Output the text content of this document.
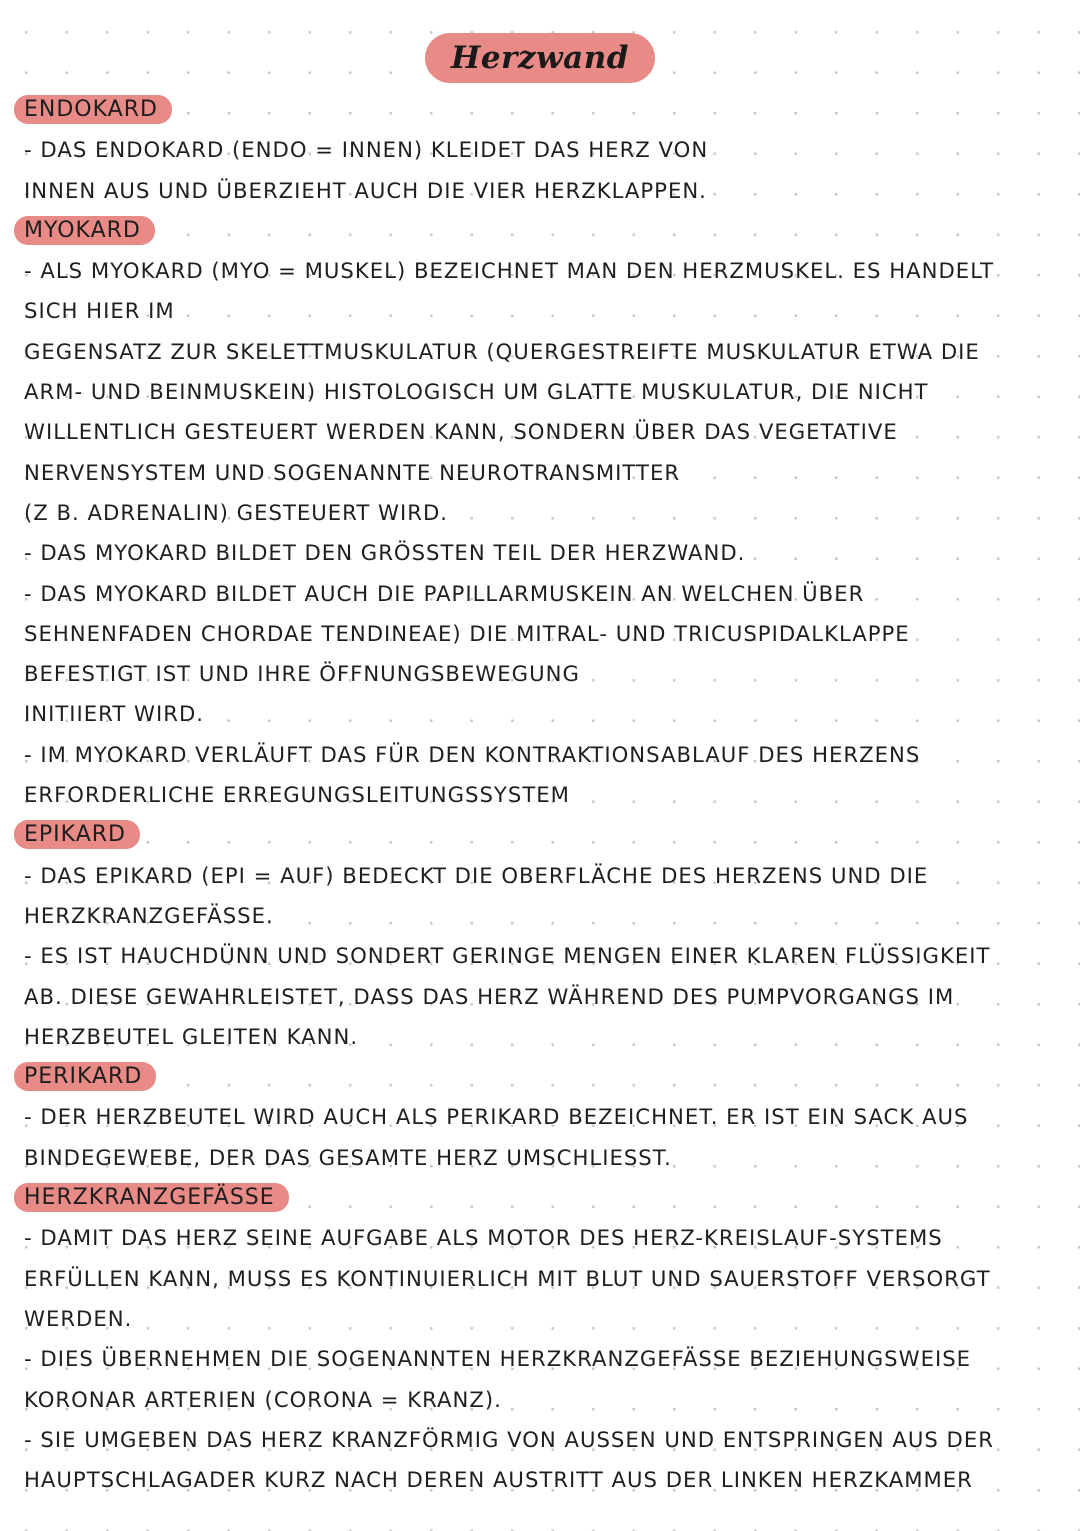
Herzwand
ENDOKARD
- DAS ENDOKARD (ENDO = INNEN) KLEIDET DAS HERZ VON
INNEN AUS UND ÜBERZIEHT AUCH DIE VIER HERZKLAPPEN.
MYOKARD
- ALS MYOKARD (MYO = MUSKEL) BEZEICHNET MAN DEN HERZMUSKEL. ES HANDELT
SICH HIER IM
GEGENSATZ ZUR SKELETTMUSKULATUR (QUERGESTREIFTE MUSKULATUR ETWA DIE
ARM- UND BEINMUSKEIN) HISTOLOGISCH UM GLATTE MUSKULATUR, DIE NICHT
WILLENTLICH GESTEUERT WERDEN KANN, SONDERN ÜBER DAS VEGETATIVE
NERVENSYSTEM UND SOGENANNTE NEUROTRANSMITTER
(Z B. ADRENALIN) GESTEUERT WIRD.
- DAS MYOKARD BILDET DEN GRÖSSTEN TEIL DER HERZWAND.
- DAS MYOKARD BILDET AUCH DIE PAPILLARMUSKEIN AN WELCHEN ÜBER
SEHNENFADEN CHORDAE TENDINEAE) DIE MITRAL- UND TRICUSPIDALKLAPPE
BEFESTIGT IST UND IHRE ÖFFNUNGSBEWEGUNG
INITIIERT WIRD.
- IM MYOKARD VERLÄUFT DAS FÜR DEN KONTRAKTIONSABLAUF DES HERZENS
ERFORDERLICHE ERREGUNGSLEITUNGSSYSTEM
EPIKARD
- DAS EPIKARD (EPI = AUF) BEDECKT DIE OBERFLÄCHE DES HERZENS UND DIE
HERZKRANZGEFÄSSE.
- ES IST HAUCHDÜNN UND SONDERT GERINGE MENGEN EINER KLAREN FLÜSSIGKEIT
AB. DIESE GEWAHRLEISTET, DASS DAS HERZ WÄHREND DES PUMPVORGANGS IM
HERZBEUTEL GLEITEN KANN.
PERIKARD
- DER HERZBEUTEL WIRD AUCH ALS PERIKARD BEZEICHNET. ER IST EIN SACK AUS
BINDEGEWEBE, DER DAS GESAMTE HERZ UMSCHLIESST.
HERZKRANZGEFÄSSE
- DAMIT DAS HERZ SEINE AUFGABE ALS MOTOR DES HERZ-KREISLAUF-SYSTEMS
ERFÜLLEN KANN, MUSS ES KONTINUIERLICH MIT BLUT UND SAUERSTOFF VERSORGT
WERDEN.
- DIES ÜBERNEHMEN DIE SOGENANNTEN HERZKRANZGEFÄSSE BEZIEHUNGSWEISE
KORONAR ARTERIEN (CORONA = KRANZ).
- SIE UMGEBEN DAS HERZ KRANZFÖRMIG VON AUSSEN UND ENTSPRINGEN AUS DER
HAUPTSCHLAGADER KURZ NACH DEREN AUSTRITT AUS DER LINKEN HERZKAMMER
